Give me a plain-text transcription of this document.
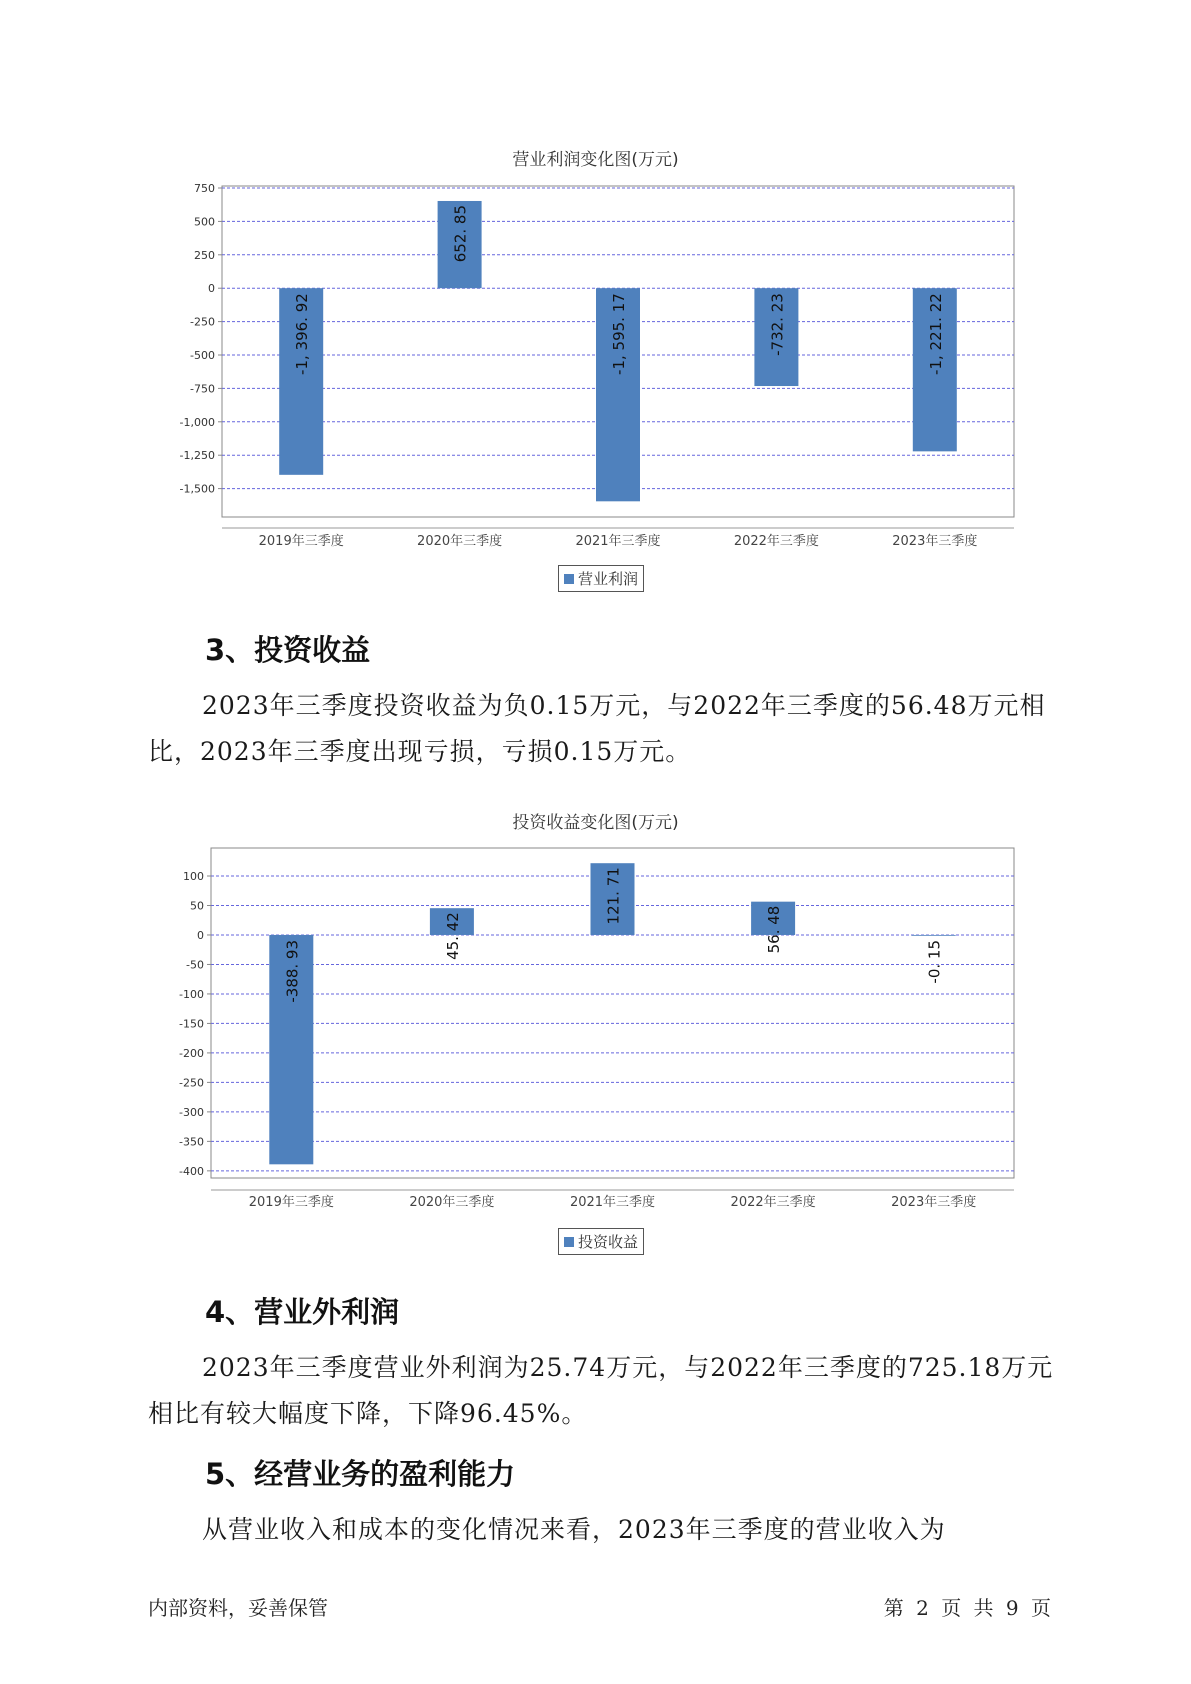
营业利润变化图(万元)
750
500
250
0
-250
-500
-750
-1,000
-1,250
-1,500
-1, 396. 92
2019年三季度
652. 85
2020年三季度
-1, 595. 17
2021年三季度
-732. 23
2022年三季度
-1, 221. 22
2023年三季度
营业利润
3、投资收益

2023年三季度投资收益为负0.15万元，与2022年三季度的56.48万元相比，2023年三季度出现亏损，亏损0.15万元。

投资收益变化图(万元)
100
50
0
-50
-100
-150
-200
-250
-300
-350
-400
-388. 93
2019年三季度
45. 42
2020年三季度
121. 71
2021年三季度
56. 48
2022年三季度
-0. 15
2023年三季度
投资收益
4、营业外利润

2023年三季度营业外利润为25.74万元，与2022年三季度的725.18万元相比有较大幅度下降，下降96.45%。

5、经营业务的盈利能力

从营业收入和成本的变化情况来看，2023年三季度的营业收入为

内部资料，妥善保管	第 2 页 共 9 页
